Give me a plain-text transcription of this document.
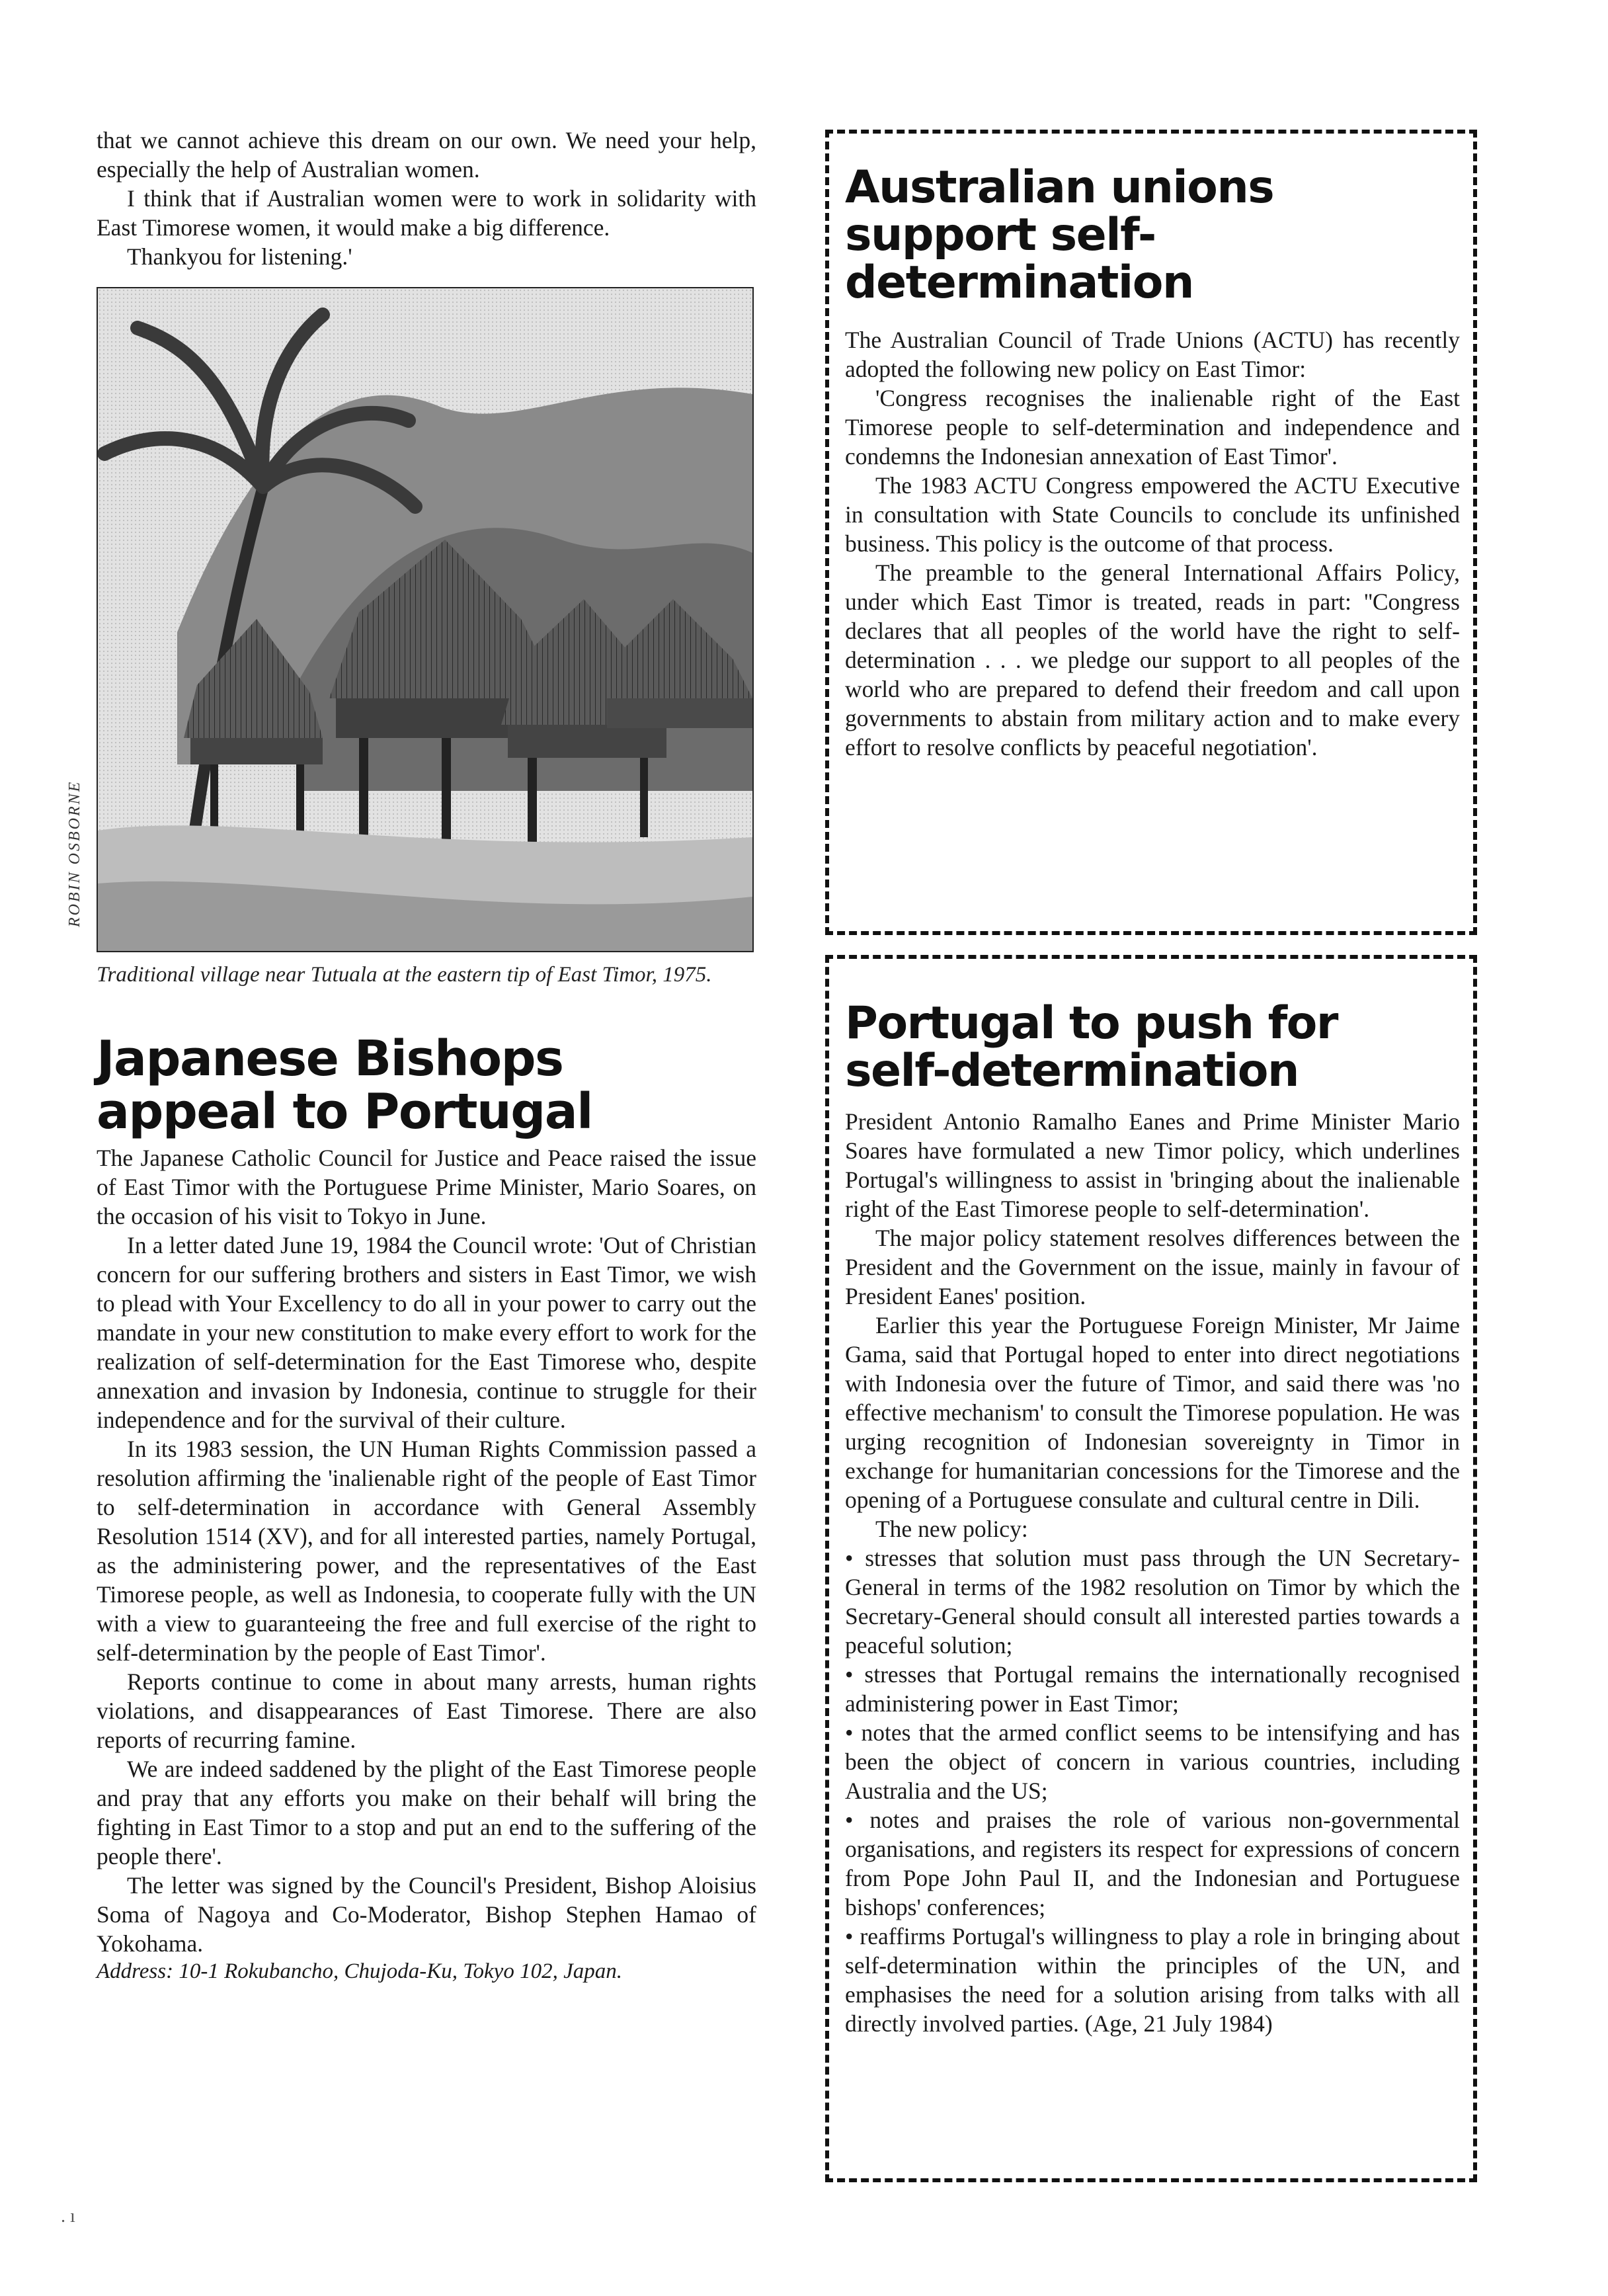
that we cannot achieve this dream on our own. We need your help, especially the help of Australian women.

I think that if Australian women were to work in solidarity with East Timorese women, it would make a big difference.

Thankyou for listening.'

Traditional village near Tutuala at the eastern tip of East Timor, 1975.
Japanese Bishops appeal to Portugal

The Japanese Catholic Council for Justice and Peace raised the issue of East Timor with the Portuguese Prime Minister, Mario Soares, on the occasion of his visit to Tokyo in June.

In a letter dated June 19, 1984 the Council wrote: 'Out of Christian concern for our suffering brothers and sisters in East Timor, we wish to plead with Your Excellency to do all in your power to carry out the mandate in your new constitution to make every effort to work for the realization of self-determination for the East Timorese who, despite annexation and invasion by Indonesia, continue to struggle for their independence and for the survival of their culture.

In its 1983 session, the UN Human Rights Commission passed a resolution affirming the 'inalienable right of the people of East Timor to self-determination in accordance with General Assembly Resolution 1514 (XV), and for all interested parties, namely Portugal, as the administering power, and the representatives of the East Timorese people, as well as Indonesia, to cooperate fully with the UN with a view to guaranteeing the free and full exercise of the right to self-determination by the people of East Timor'.

Reports continue to come in about many arrests, human rights violations, and disappearances of East Timorese. There are also reports of recurring famine.

We are indeed saddened by the plight of the East Timorese people and pray that any efforts you make on their behalf will bring the fighting in East Timor to a stop and put an end to the suffering of the people there'.

The letter was signed by the Council's President, Bishop Aloisius Soma of Nagoya and Co-Moderator, Bishop Stephen Hamao of Yokohama.

Address: 10-1 Rokubancho, Chujoda-Ku, Tokyo 102, Japan.
ROBIN OSBORNE
Australian unions support self-determination

The Australian Council of Trade Unions (ACTU) has recently adopted the following new policy on East Timor:

'Congress recognises the inalienable right of the East Timorese people to self-determination and independence and condemns the Indonesian annexation of East Timor'.

The 1983 ACTU Congress empowered the ACTU Executive in consultation with State Councils to conclude its unfinished business. This policy is the outcome of that process.

The preamble to the general International Affairs Policy, under which East Timor is treated, reads in part: ''Congress declares that all peoples of the world have the right to self-determination . . . we pledge our support to all peoples of the world who are prepared to defend their freedom and call upon governments to abstain from military action and to make every effort to resolve conflicts by peaceful negotiation'.

Portugal to push for self-determination

President Antonio Ramalho Eanes and Prime Minister Mario Soares have formulated a new Timor policy, which underlines Portugal's willingness to assist in 'bringing about the inalienable right of the East Timorese people to self-determination'.

The major policy statement resolves differences between the President and the Government on the issue, mainly in favour of President Eanes' position.

Earlier this year the Portuguese Foreign Minister, Mr Jaime Gama, said that Portugal hoped to enter into direct negotiations with Indonesia over the future of Timor, and said there was 'no effective mechanism' to consult the Timorese population. He was urging recognition of Indonesian sovereignty in Timor in exchange for humanitarian concessions for the Timorese and the opening of a Portuguese consulate and cultural centre in Dili.

The new policy:

• stresses that solution must pass through the UN Secretary-General in terms of the 1982 resolution on Timor by which the Secretary-General should consult all interested parties towards a peaceful solution;

• stresses that Portugal remains the internationally recognised administering power in East Timor;

• notes that the armed conflict seems to be intensifying and has been the object of concern in various countries, including Australia and the US;

• notes and praises the role of various non-governmental organisations, and registers its respect for expressions of concern from Pope John Paul II, and the Indonesian and Portuguese bishops' conferences;

• reaffirms Portugal's willingness to play a role in bringing about self-determination within the principles of the UN, and emphasises the need for a solution arising from talks with all directly involved parties. (Age, 21 July 1984)

. ı
